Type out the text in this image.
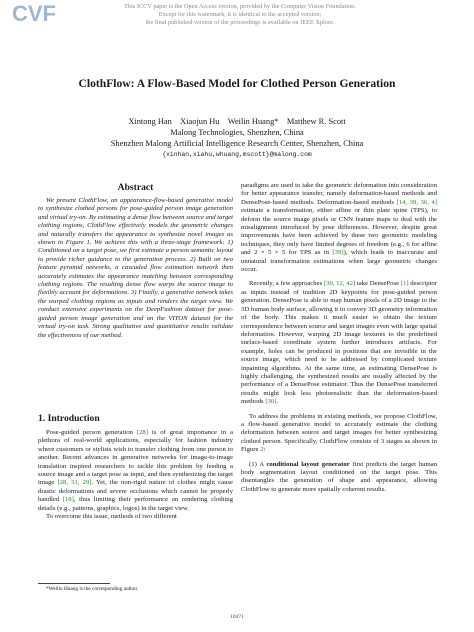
CVF	This ICCV paper is the Open Access version, provided by the Computer Vision Foundation.
Except for this watermark, it is identical to the accepted version;
the final published version of the proceedings is available on IEEE Xplore.
ClothFlow: A Flow-Based Model for Clothed Person Generation
Xintong Han    Xiaojun Hu    Weilin Huang*    Matthew R. Scott
Malong Technologies, Shenzhen, China
Shenzhen Malong Artificial Intelligence Research Center, Shenzhen, China
{xinhan,xiahu,whuang,mscott}@malong.com
Abstract

We present ClothFlow, an appearance-flow-based generative model to synthesize clothed persons for pose-guided person image generation and virtual try-on. By estimating a dense flow between source and target clothing regions, ClothFlow effectively models the geometric changes and naturally transfers the appearance to synthesize novel images as shown in Figure 1. We achieve this with a three-stage framework: 1) Conditioned on a target pose, we first estimate a person semantic layout to provide richer guidance to the generation process. 2) Built on two feature pyramid networks, a cascaded flow estimation network then accurately estimates the appearance matching between corresponding clothing regions. The resulting dense flow warps the source image to flexibly account for deformations. 3) Finally, a generative network takes the warped clothing regions as inputs and renders the target view. We conduct extensive experiments on the DeepFashion dataset for pose-guided person image generation and on the VITON dataset for the virtual try-on task. Strong qualitative and quantitative results validate the effectiveness of our method.

1. Introduction

Pose-guided person generation [28] is of great importance in a plethora of real-world applications, especially for fashion industry where customers or stylists wish to transfer clothing from one person to another. Recent advances in generative networks for image-to-image translation inspired researchers to tackle this problem by feeding a source image and a target pose as input, and then synthesizing the target image [28, 31, 29]. Yet, the non-rigid nature of clothes might cause drastic deformations and severe occlusions which cannot be properly handled [18], thus limiting their performance on rendering clothing details (e.g., patterns, graphics, logos) in the target view.

To overcome this issue, methods of two different

paradigms are used to take the geometric deformation into consideration for better appearance transfer, namely deformation-based methods and DensePose-based methods. Deformation-based methods [14, 39, 36, 4] estimate a transformation, either affine or thin plate spine (TPS), to deform the source image pixels or CNN feature maps to deal with the misalignment introduced by pose differences. However, despite great improvements have been achieved by these two geometric modeling techniques, they only have limited degrees of freedom (e.g., 6 for affine and 2 × 5 × 5 for TPS as in [39]), which leads to inaccurate and unnatural transformation estimations when large geometric changes occur.

Recently, a few approaches [30, 12, 42] take DensePose [1] descriptor as inputs instead of tradition 2D keypoints for pose-guided person generation. DensePose is able to map human pixels of a 2D image to the 3D human body surface, allowing it to convey 3D geometry information of the body. This makes it much easier to obtain the texture correspondence between source and target images even with large spatial deformation. However, warping 2D image textures to the predefined surface-based coordinate system further introduces artifacts. For example, holes can be produced in positions that are invisible in the source image, which need to be addressed by complicated texture inpainting algorithms. At the same time, as estimating DensePose is highly challenging, the synthesized results are usually affected by the performance of a DensePose estimator. Thus the DensePose transferred results might look less photorealistic than the deformation-based methods [30].

To address the problems in existing methods, we propose ClothFlow, a flow-based generative model to accurately estimate the clothing deformation between source and target images for better synthesizing clothed person. Specifically, ClothFlow consists of 3 stages as shown in Figure 2:

(1) A conditional layout generator first predicts the target human body segmentation layout conditioned on the target pose. This disentangles the generation of shape and appearance, allowing ClothFlow to generate more spatially coherent results.

*Weilin Huang is the corresponding author.
10471
